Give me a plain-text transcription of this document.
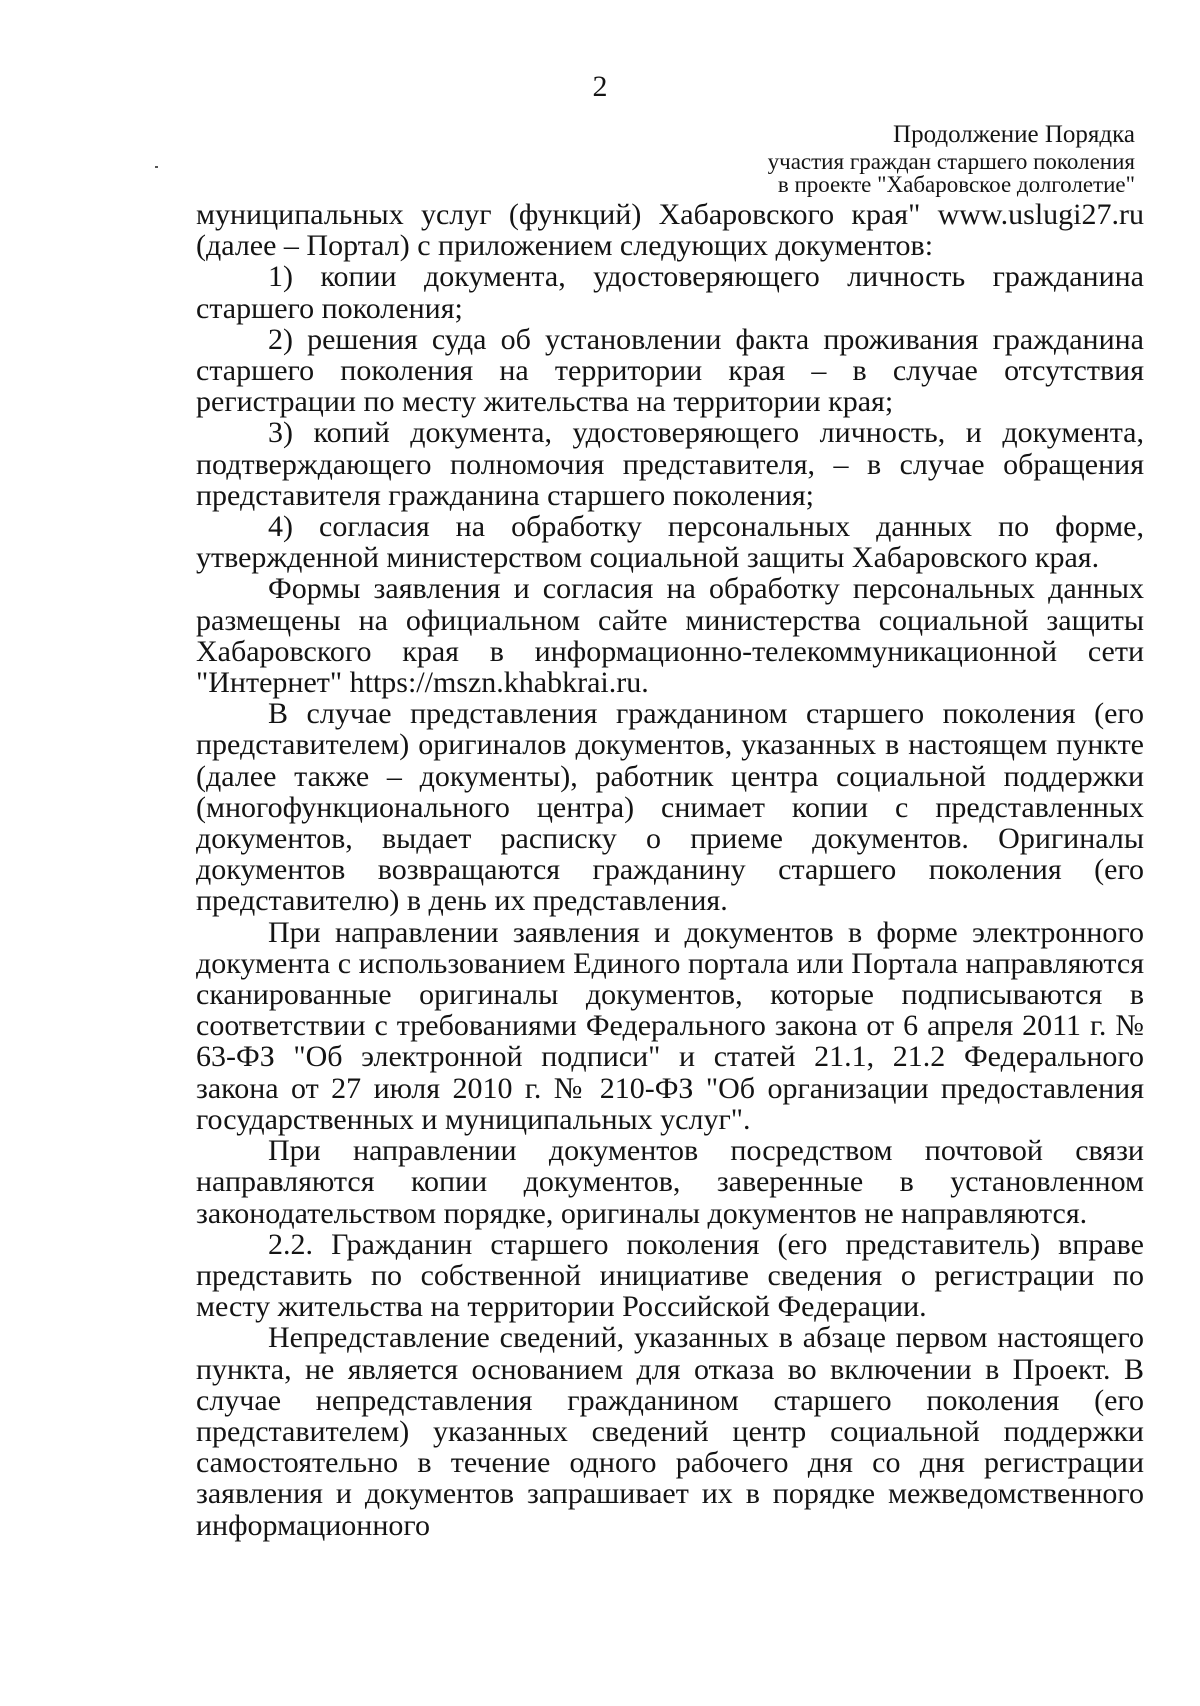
2
Продолжение Порядка
участия граждан старшего поколения
в проекте "Хабаровское долголетие"

муниципальных услуг (функций) Хабаровского края" www.uslugi27.ru (далее – Портал) с приложением следующих документов:

1) копии документа, удостоверяющего личность гражданина старшего поколения;

2) решения суда об установлении факта проживания гражданина старшего поколения на территории края – в случае отсутствия регистрации по месту жительства на территории края;

3) копий документа, удостоверяющего личность, и документа, подтверждающего полномочия представителя, – в случае обращения представителя гражданина старшего поколения;

4) согласия на обработку персональных данных по форме, утвержденной министерством социальной защиты Хабаровского края.

Формы заявления и согласия на обработку персональных данных размещены на официальном сайте министерства социальной защиты Хабаровского края в информационно-телекоммуникационной сети "Интернет" https://mszn.khabkrai.ru.

В случае представления гражданином старшего поколения (его представителем) оригиналов документов, указанных в настоящем пункте (далее также – документы), работник центра социальной поддержки (многофункционального центра) снимает копии с представленных документов, выдает расписку о приеме документов. Оригиналы документов возвращаются гражданину старшего поколения (его представителю) в день их представления.

При направлении заявления и документов в форме электронного документа с использованием Единого портала или Портала направляются сканированные оригиналы документов, которые подписываются в соответствии с требованиями Федерального закона от 6 апреля 2011 г. № 63-ФЗ "Об электронной подписи" и статей 21.1, 21.2 Федерального закона от 27 июля 2010 г. № 210-ФЗ "Об организации предоставления государственных и муниципальных услуг".

При направлении документов посредством почтовой связи направляются копии документов, заверенные в установленном законодательством порядке, оригиналы документов не направляются.

2.2. Гражданин старшего поколения (его представитель) вправе представить по собственной инициативе сведения о регистрации по месту жительства на территории Российской Федерации.

Непредставление сведений, указанных в абзаце первом настоящего пункта, не является основанием для отказа во включении в Проект. В случае непредставления гражданином старшего поколения (его представителем) указанных сведений центр социальной поддержки самостоятельно в течение одного рабочего дня со дня регистрации заявления и документов запрашивает их в порядке межведомственного информационного
